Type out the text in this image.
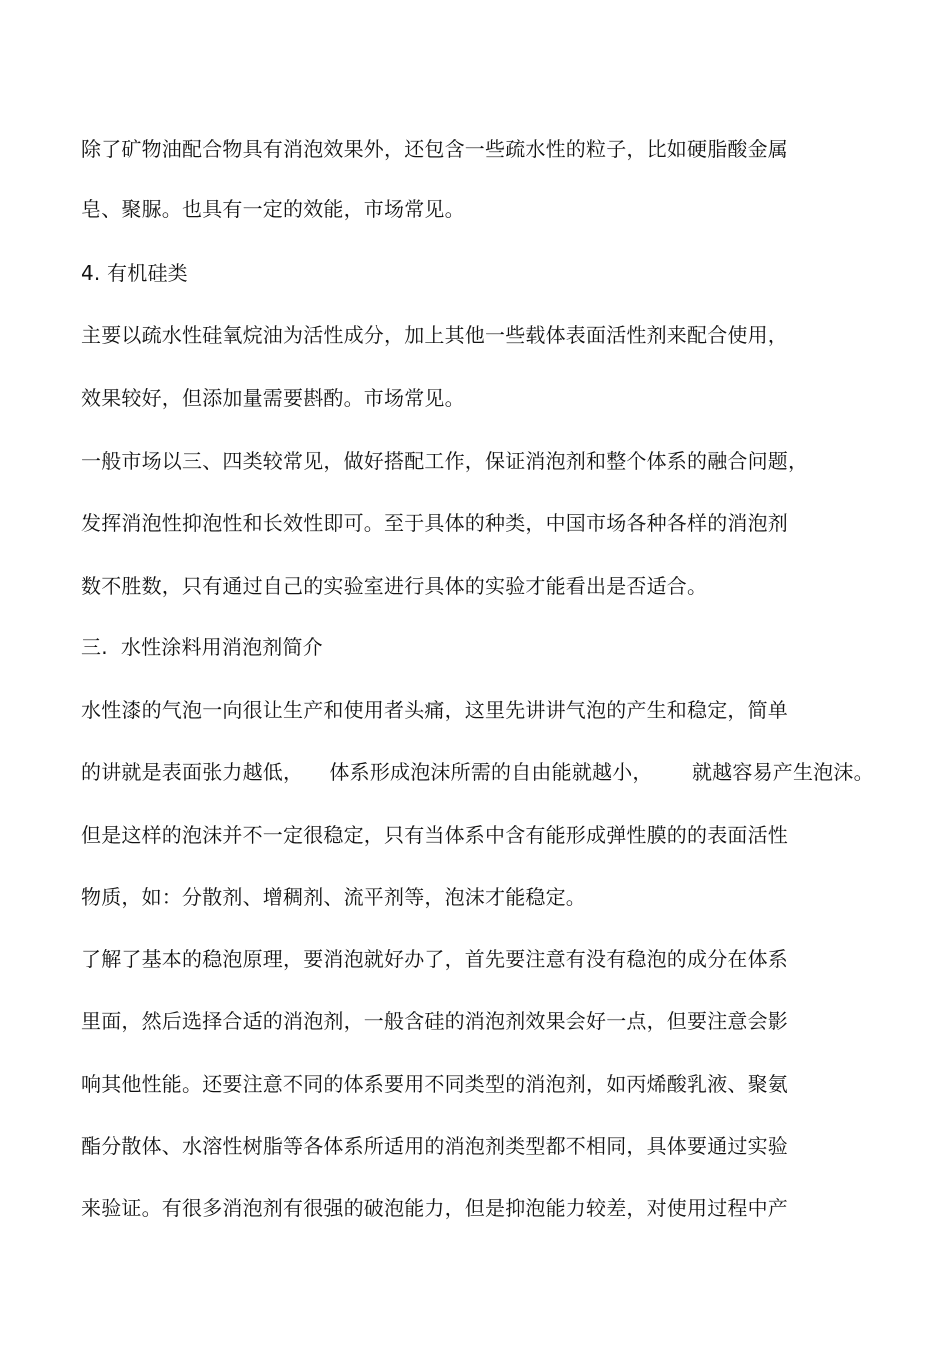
除了矿物油配合物具有消泡效果外，还包含一些疏水性的粒子，比如硬脂酸金属

皂、聚脲。也具有一定的效能，市场常见。

4. 有机硅类

主要以疏水性硅氧烷油为活性成分，加上其他一些载体表面活性剂来配合使用，

效果较好，但添加量需要斟酌。市场常见。

一般市场以三、四类较常见，做好搭配工作，保证消泡剂和整个体系的融合问题，

发挥消泡性抑泡性和长效性即可。至于具体的种类，中国市场各种各样的消泡剂

数不胜数，只有通过自己的实验室进行具体的实验才能看出是否适合。

三.  水性涂料用消泡剂简介

水性漆的气泡一向很让生产和使用者头痛，这里先讲讲气泡的产生和稳定，简单

的讲就是表面张力越低，    体系形成泡沫所需的自由能就越小，      就越容易产生泡沫。

但是这样的泡沫并不一定很稳定，只有当体系中含有能形成弹性膜的的表面活性

物质，如：分散剂、增稠剂、流平剂等，泡沫才能稳定。

了解了基本的稳泡原理，要消泡就好办了，首先要注意有没有稳泡的成分在体系

里面，然后选择合适的消泡剂，一般含硅的消泡剂效果会好一点，但要注意会影

响其他性能。还要注意不同的体系要用不同类型的消泡剂，如丙烯酸乳液、聚氨

酯分散体、水溶性树脂等各体系所适用的消泡剂类型都不相同，具体要通过实验

来验证。有很多消泡剂有很强的破泡能力，但是抑泡能力较差，对使用过程中产
